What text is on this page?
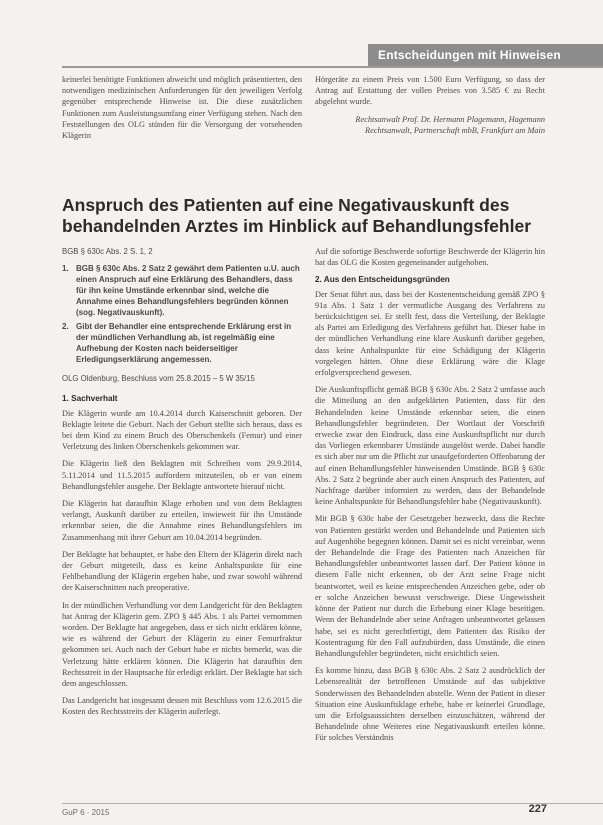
Entscheidungen mit Hinweisen

keinerlei benötigte Funktionen abweicht und möglich präsentierten, den notwendigen medizinischen Anforderungen für den jeweiligen Verfolg gegenüber entsprechende Hinweise ist. Die diese zusätzlichen Funktionen zum Ausleistungsumfang einer Verfügung stehen. Nach den Feststellungen des OLG stünden für die Versorgung der vorsehenden Klägerin

Hörgeräte zu einem Preis von 1.500 Euro Verfügung, so dass der Antrag auf Erstattung der vollen Preises von 3.585 € zu Recht abgelehnt wurde.

Rechtsanwalt Prof. Dr. Hermann Plagemann, Hagemann Rechtsanwalt, Partnerschaft mbB, Frankfurt am Main
Anspruch des Patienten auf eine Negativauskunft des behandelnden Arztes im Hinblick auf Behandlungsfehler
BGB § 630c Abs. 2 S. 1, 2
1. BGB § 630c Abs. 2 Satz 2 gewährt dem Patienten u.U. auch einen Anspruch auf eine Erklärung des Behandlers, dass für ihn keine Umstände erkennbar sind, welche die Annahme eines Behandlungsfehlers begründen können (sog. Negativauskunft).
2. Gibt der Behandler eine entsprechende Erklärung erst in der mündlichen Verhandlung ab, ist regelmäßig eine Aufhebung der Kosten nach beiderseitiger Erledigungserklärung angemessen.
OLG Oldenburg, Beschluss vom 25.8.2015 – 5 W 35/15
1. Sachverhalt

Die Klägerin wurde am 10.4.2014 durch Kaiserschnitt geboren. Der Beklagte leitete die Geburt. Nach der Geburt stellte sich heraus, dass es bei dem Kind zu einem Bruch des Oberschenkels (Femur) und einer Verletzung des linken Oberschenkels gekommen war.

Die Klägerin ließ den Beklagten mit Schreiben vom 29.9.2014, 5.11.2014 und 11.5.2015 auffordern mitzuteilen, ob er von einem Behandlungsfehler ausgehe. Der Beklagte antwortete hierauf nicht.

Die Klägerin hat daraufhin Klage erhoben und von dem Beklagten verlangt, Auskunft darüber zu erteilen, inwieweit für ihn Umstände erkennbar seien, die die Annahme eines Behandlungsfehlers im Zusammenhang mit ihrer Geburt am 10.04.2014 begründen.

Der Beklagte hat behauptet, er habe den Eltern der Klägerin direkt nach der Geburt mitgeteilt, dass es keine Anhaltspunkte für eine Fehlbehandlung der Klägerin ergeben habe, und zwar sowohl während der Kaiserschnitten nach preoperative.

In der mündlichen Verhandlung vor dem Landgericht für den Beklagten hat Antrag der Klägerin gem. ZPO § 445 Abs. 1 als Partei vernommen worden. Der Beklagte hat angegeben, dass er sich nicht erklären könne, wie es während der Geburt der Klägerin zu einer Femurfraktur gekommen sei. Auch nach der Geburt habe er nichts bemerkt, was die Verletzung hätte erklären können. Die Klägerin hat daraufhin den Rechtsstreit in der Hauptsache für erledigt erklärt. Der Beklagte hat sich dem angeschlossen.

Das Landgericht hat insgesamt dessen mit Beschluss vom 12.6.2015 die Kosten des Rechtsstreits der Klägerin auferlegt.

Auf die sofortige Beschwerde sofortige Beschwerde der Klägerin hin hat das OLG die Kosten gegeneinander aufgehoben.

2. Aus den Entscheidungsgründen

Der Senat führt aus, dass bei der Kostenentscheidung gemäß ZPO § 91a Abs. 1 Satz 1 der vermutliche Ausgang des Verfahrens zu berücksichtigen sei. Er stellt fest, dass die Verteilung, der Beklagte als Partei am Erledigung des Verfahrens geführt hat. Dieser habe in der mündlichen Verhandlung eine klare Auskunft darüber gegeben, dass keine Anhaltspunkte für eine Schädigung der Klägerin vorgelegen hätten. Ohne diese Erklärung wäre die Klage erfolgversprechend gewesen.

Die Auskunftspflicht gemäß BGB § 630c Abs. 2 Satz 2 umfasse auch die Mitteilung an den aufgeklärten Patienten, dass für den Behandelnden keine Umstände erkennbar seien, die einen Behandlungsfehler begründeten. Der Wortlaut der Vorschrift erwecke zwar den Eindruck, dass eine Auskunftspflicht nur durch das Vorliegen erkennbarer Umstände ausgelöst werde. Dabei handle es sich aber nur um die Pflicht zur unaufgeforderten Offenbarung der auf einen Behandlungsfehler hinweisenden Umstände. BGB § 630c Abs. 2 Satz 2 begründe aber auch einen Anspruch des Patienten, auf Nachfrage darüber informiert zu werden, dass der Behandelnde keine Anhaltspunkte für Behandlungsfehler habe (Negativauskunft).

Mit BGB § 630c habe der Gesetzgeber bezweckt, dass die Rechte von Patienten gestärkt werden und Behandelnde und Patienten sich auf Augenhöhe begegnen können. Damit sei es nicht vereinbar, wenn der Behandelnde die Frage des Patienten nach Anzeichen für Behandlungsfehler unbeantwortet lassen darf. Der Patient könne in diesem Falle nicht erkennen, ob der Arzt seine Frage nicht beantwortet, weil es keine entsprechenden Anzeichen gebe, oder ob er solche Anzeichen bewusst verschweige. Diese Ungewissheit könne der Patient nur durch die Erhebung einer Klage beseitigen. Wenn der Behandelnde aber seine Anfragen unbeantwortet gelassen habe, sei es nicht gerechtfertigt, dem Patienten das Risiko der Kostentragung für den Fall aufzubürden, dass Umstände, die einen Behandlungsfehler begründeten, nicht ersichtlich seien.

Es komme hinzu, dass BGB § 630c Abs. 2 Satz 2 ausdrücklich der Lebensrealität der betroffenen Umstände auf das subjektive Sonderwissen des Behandelnden abstelle. Wenn der Patient in dieser Situation eine Auskunftsklage erhebe, habe er keinerlei Grundlage, um die Erfolgsaussichten derselben einzuschätzen, während der Behandelnde ohne Weiteres eine Negativauskunft erteilen könne. Für solches Verständnis

GuP 6 · 2015	227
